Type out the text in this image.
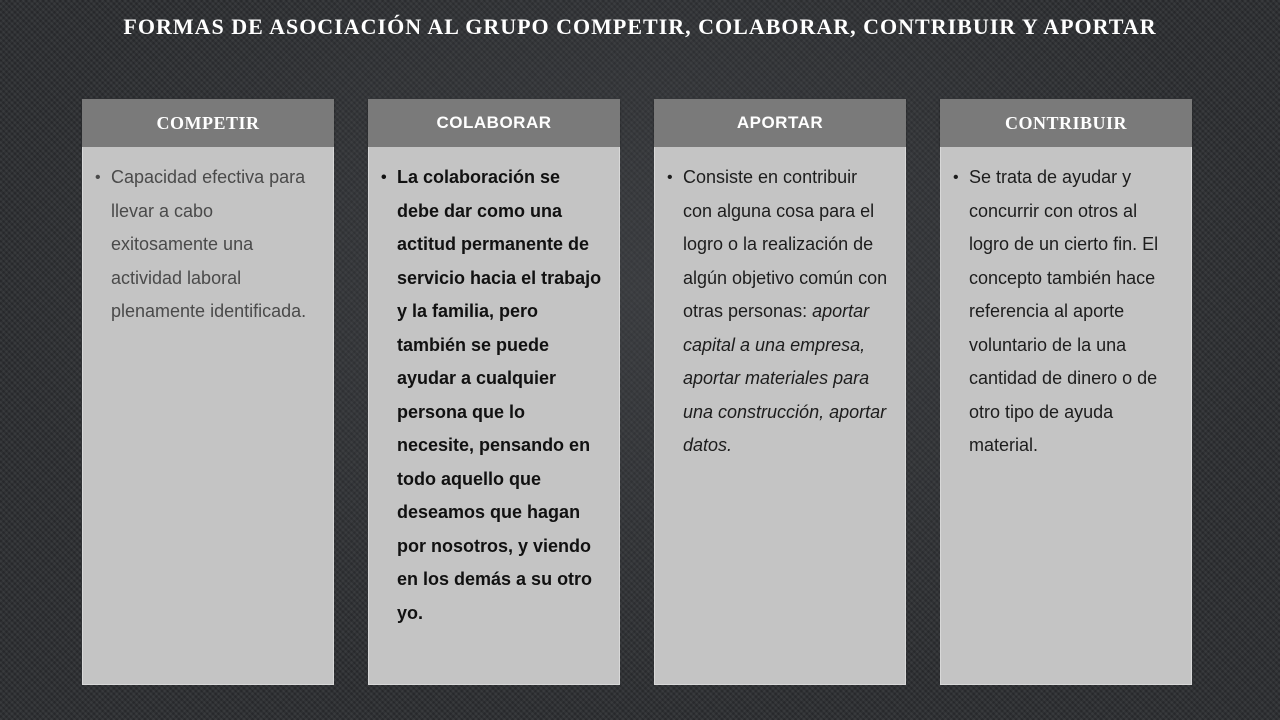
FORMAS DE ASOCIACIÓN AL GRUPO COMPETIR, COLABORAR, CONTRIBUIR Y APORTAR
COMPETIR
• Capacidad efectiva para llevar a cabo exitosamente una actividad laboral plenamente identificada.
COLABORAR
• La colaboración se debe dar como una actitud permanente de servicio hacia el trabajo y la familia, pero también se puede ayudar a cualquier persona que lo necesite, pensando en todo aquello que deseamos que hagan por nosotros, y viendo en los demás a su otro yo.
APORTAR
• Consiste en contribuir con alguna cosa para el logro o la realización de algún objetivo común con otras personas: aportar capital a una empresa, aportar materiales para una construcción, aportar datos.
CONTRIBUIR
• Se trata de ayudar y concurrir con otros al logro de un cierto fin. El concepto también hace referencia al aporte voluntario de la una cantidad de dinero o de otro tipo de ayuda material.
